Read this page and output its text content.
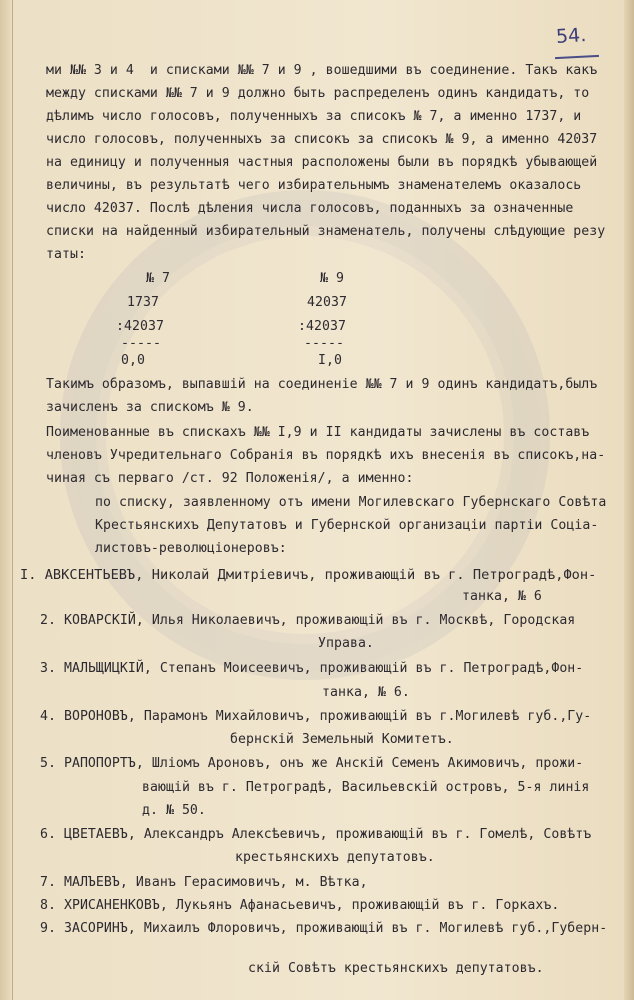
54.
ми №№ 3 и 4  и списками №№ 7 и 9 , вошедшими въ соединение. Такъ какъ
между списками №№ 7 и 9 должно быть распределенъ одинъ кандидатъ, то
дѣлимъ число голосовъ, полученныхъ за списокъ № 7, а именно 1737, и
число голосовъ, полученныхъ за списокъ за списокъ № 9, а именно 42037
на единицу и полученныя частныя расположены были въ порядкѣ убывающей
величины, въ результатѣ чего избирательнымъ знаменателемъ оказалось
число 42037. Послѣ дѣления числа голосовъ, поданныхъ за означенные
списки на найденный избирательный знаменатель, получены слѣдующие резу
таты:
№ 7	№ 9
1737	42037
:42037	:42037
-----	-----
0,0	I,0
Такимъ образомъ, выпавшій на соединенiе №№ 7 и 9 одинъ кандидатъ,былъ
зачисленъ за спискомъ № 9.
Поименованные въ спискахъ №№ I,9 и II кандидаты зачислены въ составъ
членовъ Учредительнаго Собранія въ порядкѣ ихъ внесенія въ списокъ,на-
чиная съ перваго /ст. 92 Положенія/, а именно:
по списку, заявленному отъ имени Могилевскаго Губернскаго Совѣта
Крестьянскихъ Депутатовъ и Губернской организаціи партіи Соціа-
листовъ-революціонеровъ:
I. АВКСЕНТЬЕВЪ, Николай Дмитріевичъ, проживающій въ г. Петроградѣ,Фон-
танка, № 6
2. КОВАРСКІЙ, Илья Николаевичъ, проживающій въ г. Москвѣ, Городская
Управа.
3. МАЛЬЩИЦКІЙ, Степанъ Моисеевичъ, проживающій въ г. Петроградѣ,Фон-
танка, № 6.
4. ВОРОНОВЪ, Парамонъ Михайловичъ, проживающій въ г.Могилевѣ губ.,Гу-
бернскій Земельный Комитетъ.
5. РАПОПОРТЪ, Шлiомъ Ароновъ, онъ же Анскій Семенъ Акимовичъ, прожи-
вающій въ г. Петроградѣ, Васильевскій островъ, 5-я линія
д. № 50.
6. ЦВЕТАЕВЪ, Александръ Алексѣевичъ, проживающій въ г. Гомелѣ, Совѣтъ
крестьянскихъ депутатовъ.
7. МАЛЪЕВЪ, Иванъ Герасимовичъ, м. Вѣтка,
8. ХРИСАНЕНКОВЪ, Лукьянъ Афанасьевичъ, проживающій въ г. Горкахъ.
9. ЗАСОРИНЪ, Михаилъ Флоровичъ, проживающій въ г. Могилевѣ губ.,Губерн-
скій Совѣтъ крестьянскихъ депутатовъ.
